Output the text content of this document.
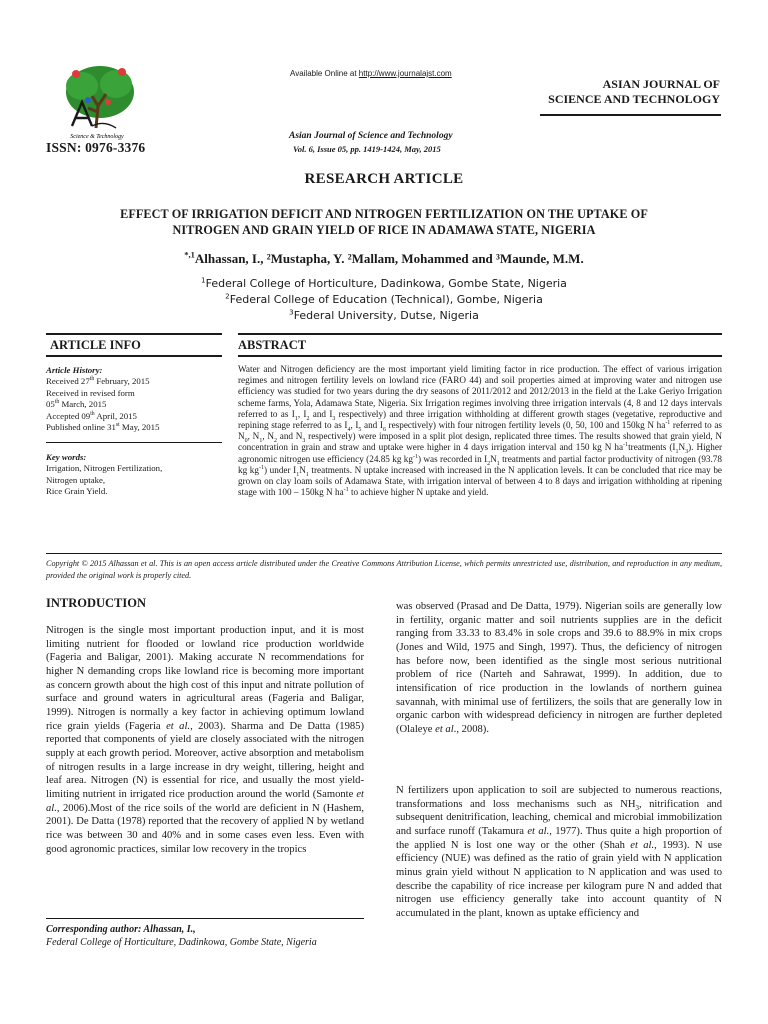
Science & Technology
ISSN: 0976-3376
Available Online at http://www.journalajst.com
ASIAN JOURNAL OF
SCIENCE AND TECHNOLOGY
Asian Journal of Science and Technology
Vol. 6, Issue 05, pp. 1419-1424, May, 2015
RESEARCH ARTICLE
EFFECT OF IRRIGATION DEFICIT AND NITROGEN FERTILIZATION ON THE UPTAKE OF
NITROGEN AND GRAIN YIELD OF RICE IN ADAMAWA STATE, NIGERIA
$^{*,1}$Alhassan, I., ²Mustapha, Y. ²Mallam, Mohammed and ³Maunde, M.M.
$^1$Federal College of Horticulture, Dadinkowa, Gombe State, Nigeria
$^2$Federal College of Education (Technical), Gombe, Nigeria
$^3$Federal University, Dutse, Nigeria
ARTICLE INFO
Article History:
Received 27th February, 2015
Received in revised form
05th March, 2015
Accepted 09th April, 2015
Published online 31st May, 2015
Key words:
Irrigation, Nitrogen Fertilization,
Nitrogen uptake,
Rice Grain Yield.
ABSTRACT
Water and Nitrogen deficiency are the most important yield limiting factor in rice production. The effect of various irrigation regimes and nitrogen fertility levels on lowland rice (FARO 44) and soil properties aimed at improving water and nitrogen use efficiency was studied for two years during the dry seasons of 2011/2012 and 2012/2013 in the field at the Lake Geriyo Irrigation scheme farms, Yola, Adamawa State, Nigeria. Six Irrigation regimes involving three irrigation intervals (4, 8 and 12 days intervals referred to as $I_1$, $I_2$ and $I_3$ respectively) and three irrigation withholding at different growth stages (vegetative, reproductive and repining stage referred to as $I_4$, $I_5$ and $I_6$ respectively) with four nitrogen fertility levels (0, 50, 100 and 150kg N $ha^{-1}$ referred to as $N_0$, $N_1$, $N_2$ and $N_3$ respectively) were imposed in a split plot design, replicated three times. The results showed that grain yield, N concentration in grain and straw and uptake were higher in 4 days irrigation interval and 150 kg N $ha^{-1}treatments$ $(I_1N_3)$. Higher agronomic nitrogen use efficiency (24.85 kg $kg^{-1}$) was recorded in $I_2N_1$ treatments and partial factor productivity of nitrogen (93.78 kg $kg^{-1}$) under $I_1N_1$ treatments. N uptake increased with increased in the N application levels. It can be concluded that rice may be grown on clay loam soils of Adamawa State, with irrigation interval of between 4 to 8 days and irrigation withholding at ripening stage with 100 – 150kg N $ha^{-1}$ to achieve higher N uptake and yield.
Copyright © 2015 Alhassan et al. This is an open access article distributed under the Creative Commons Attribution License, which permits unrestricted use, distribution, and reproduction in any medium, provided the original work is properly cited.
INTRODUCTION
Nitrogen is the single most important production input, and it is most limiting nutrient for flooded or lowland rice production worldwide (Fageria and Baligar, 2001). Making accurate N recommendations for higher N demanding crops like lowland rice is becoming more important as concern growth about the high cost of this input and nitrate pollution of surface and ground waters in agricultural areas (Fageria and Baligar, 1999). Nitrogen is normally a key factor in achieving optimum lowland rice grain yields (Fageria et al., 2003). Sharma and De Datta (1985) reported that components of yield are closely associated with the nitrogen supply at each growth period. Moreover, active absorption and metabolism of nitrogen results in a large increase in dry weight, tillering, height and leaf area. Nitrogen (N) is essential for rice, and usually the most yield-limiting nutrient in irrigated rice production around the world (Samonte et al., 2006).Most of the rice soils of the world are deficient in N (Hashem, 2001). De Datta (1978) reported that the recovery of applied N by wetland rice was between 30 and 40% and in some cases even less. Even with good agronomic practices, similar low recovery in the tropics
was observed (Prasad and De Datta, 1979). Nigerian soils are generally low in fertility, organic matter and soil nutrients supplies are in the deficit ranging from 33.33 to 83.4% in sole crops and 39.6 to 88.9% in mix crops (Jones and Wild, 1975 and Singh, 1997). Thus, the deficiency of nitrogen has before now, been identified as the single most serious nutritional problem of rice (Narteh and Sahrawat, 1999). In addition, due to intensification of rice production in the lowlands of northern guinea savannah, with minimal use of fertilizers, the soils that are generally low in organic carbon with widespread deficiency in nitrogen are further depleted (Olaleye et al., 2008).
N fertilizers upon application to soil are subjected to numerous reactions, transformations and loss mechanisms such as $NH_3$, nitrification and subsequent denitrification, leaching, chemical and microbial immobilization and surface runoff (Takamura et al., 1977). Thus quite a high proportion of the applied N is lost one way or the other (Shah et al., 1993). N use efficiency (NUE) was defined as the ratio of grain yield with N application minus grain yield without N application to N application and was used to describe the capability of rice increase per kilogram pure N and added that nitrogen use efficiency generally take into account quantity of N accumulated in the plant, known as uptake efficiency and
Corresponding author: Alhassan, I.,
Federal College of Horticulture, Dadinkowa, Gombe State, Nigeria
